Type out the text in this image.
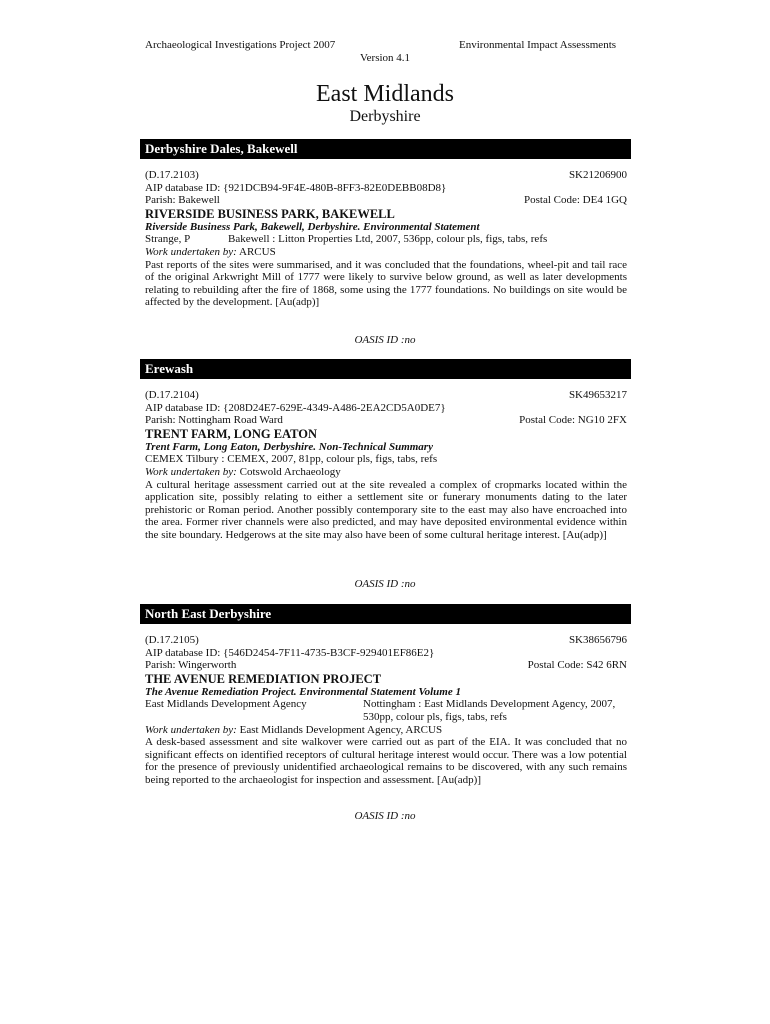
Archaeological Investigations Project 2007	Environmental Impact Assessments
Version 4.1
East Midlands
Derbyshire
Derbyshire Dales, Bakewell
(D.17.2103)	SK21206900
AIP database ID: {921DCB94-9F4E-480B-8FF3-82E0DEBB08D8}
Parish: Bakewell	Postal Code: DE4 1GQ
RIVERSIDE BUSINESS PARK, BAKEWELL
Riverside Business Park, Bakewell, Derbyshire. Environmental Statement
Strange, P	Bakewell : Litton Properties Ltd, 2007, 536pp, colour pls, figs, tabs, refs
Work undertaken by: ARCUS
Past reports of the sites were summarised, and it was concluded that the foundations, wheel-pit and tail race of the original Arkwright Mill of 1777 were likely to survive below ground, as well as later developments relating to rebuilding after the fire of 1868, some using the 1777 foundations. No buildings on site would be affected by the development. [Au(adp)]
OASIS ID :no
Erewash
(D.17.2104)	SK49653217
AIP database ID: {208D24E7-629E-4349-A486-2EA2CD5A0DE7}
Parish: Nottingham Road Ward	Postal Code: NG10 2FX
TRENT FARM, LONG EATON
Trent Farm, Long Eaton, Derbyshire. Non-Technical Summary
CEMEX Tilbury : CEMEX, 2007, 81pp, colour pls, figs, tabs, refs
Work undertaken by: Cotswold Archaeology
A cultural heritage assessment carried out at the site revealed a complex of cropmarks located within the application site, possibly relating to either a settlement site or funerary monuments dating to the later prehistoric or Roman period. Another possibly contemporary site to the east may also have encroached into the area. Former river channels were also predicted, and may have deposited environmental evidence within the site boundary. Hedgerows at the site may also have been of some cultural heritage interest. [Au(adp)]
OASIS ID :no
North East Derbyshire
(D.17.2105)	SK38656796
AIP database ID: {546D2454-7F11-4735-B3CF-929401EF86E2}
Parish: Wingerworth	Postal Code: S42 6RN
THE AVENUE REMEDIATION PROJECT
The Avenue Remediation Project. Environmental Statement Volume 1
East Midlands Development Agency	Nottingham : East Midlands Development Agency, 2007, 530pp, colour pls, figs, tabs, refs
Work undertaken by: East Midlands Development Agency, ARCUS
A desk-based assessment and site walkover were carried out as part of the EIA. It was concluded that no significant effects on identified receptors of cultural heritage interest would occur. There was a low potential for the presence of previously unidentified archaeological remains to be discovered, with any such remains being reported to the archaeologist for inspection and assessment. [Au(adp)]
OASIS ID :no
